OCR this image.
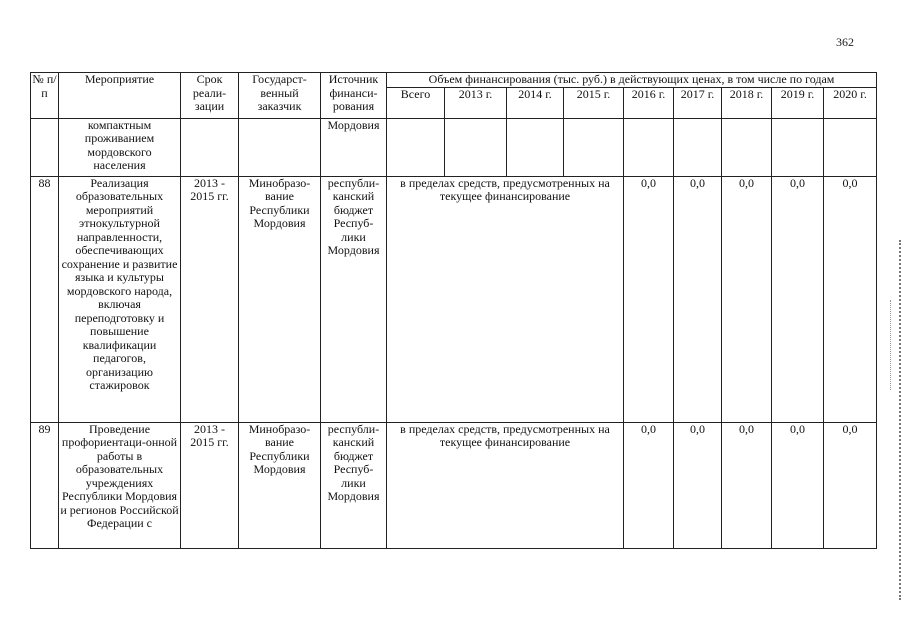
362
№ п/п	Мероприятие	Срок реали-зации	Государст-венный заказчик	Источник финанси-рования	Объем финансирования (тыс. руб.) в действующих ценах, в том числе по годам								
					Всего	2013 г.	2014 г.	2015 г.	2016 г.	2017 г.	2018 г.	2019 г.	2020 г.
	компактным проживанием мордовского населения			Мордовия									
88	Реализация образовательных мероприятий этнокультурной направленности, обеспечивающих сохранение и развитие языка и культуры мордовского народа, включая переподготовку и повышение квалификации педагогов, организацию стажировок	2013 - 2015 гг.	Минобразо-вание Республики Мордовия	республи-канский бюджет Респуб-лики Мордовия	в пределах средств, предусмотренных на текущее финансирование				0,0	0,0	0,0	0,0	0,0
89	Проведение профориентаци-онной работы в образовательных учреждениях Республики Мордовия и регионов Российской Федерации с	2013 - 2015 гг.	Минобразо-вание Республики Мордовия	республи-канский бюджет Респуб-лики Мордовия	в пределах средств, предусмотренных на текущее финансирование				0,0	0,0	0,0	0,0	0,0
